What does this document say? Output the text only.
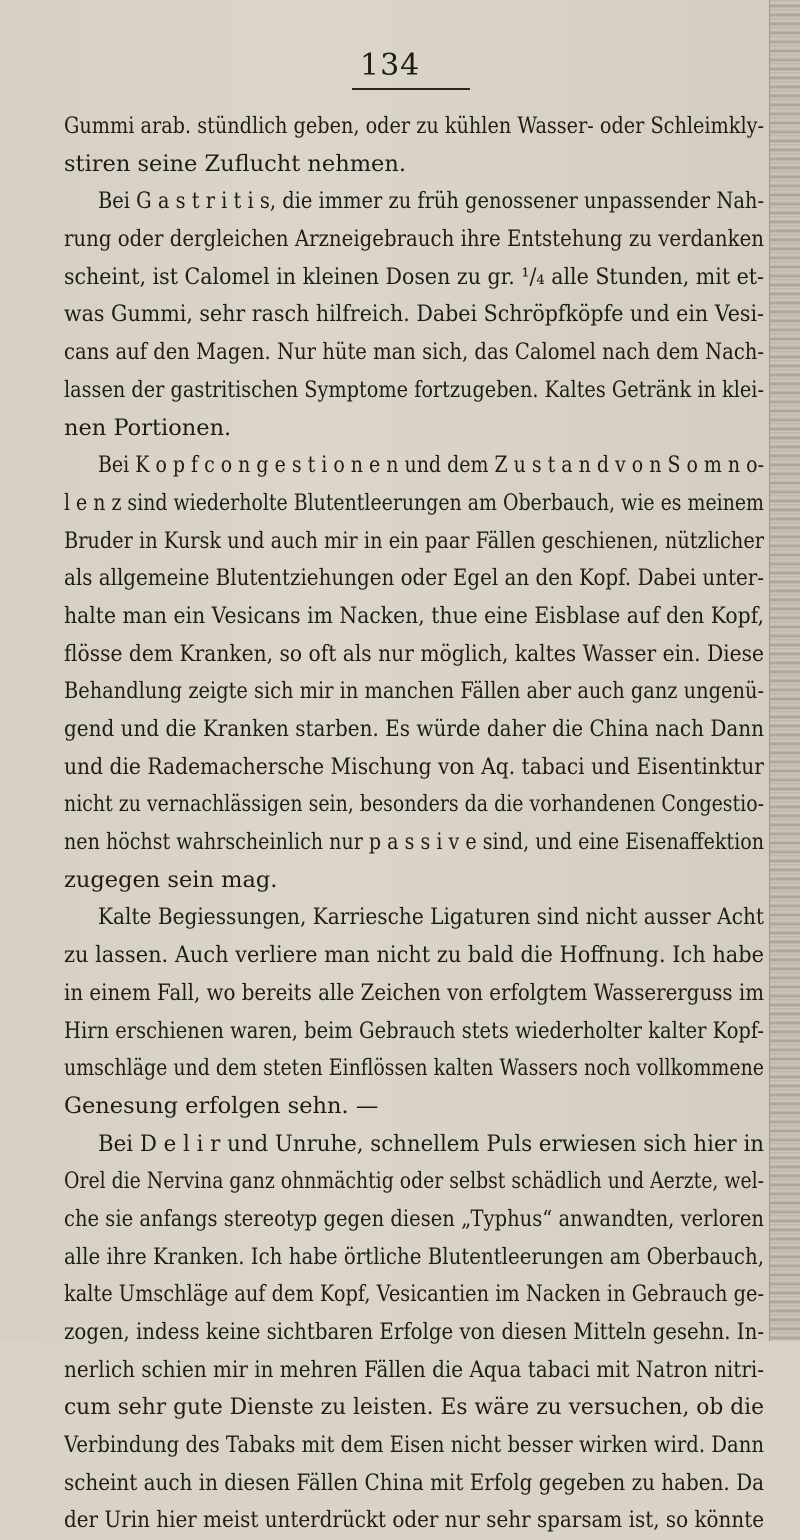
134
Gummi arab. stündlich geben, oder zu kühlen Wasser- oder Schleimkly-
stiren seine Zuflucht nehmen.
Bei G a s t r i t i s, die immer zu früh genossener unpassender Nah-
rung oder dergleichen Arzneigebrauch ihre Entstehung zu verdanken
scheint, ist Calomel in kleinen Dosen zu gr. ¹/₄ alle Stunden, mit et-
was Gummi, sehr rasch hilfreich. Dabei Schröpfköpfe und ein Vesi-
cans auf den Magen. Nur hüte man sich, das Calomel nach dem Nach-
lassen der gastritischen Symptome fortzugeben. Kaltes Getränk in klei-
nen Portionen.
Bei K o p f c o n g e s t i o n e n und dem Z u s t a n d v o n S o m n o-
l e n z sind wiederholte Blutentleerungen am Oberbauch, wie es meinem
Bruder in Kursk und auch mir in ein paar Fällen geschienen, nützlicher
als allgemeine Blutentziehungen oder Egel an den Kopf. Dabei unter-
halte man ein Vesicans im Nacken, thue eine Eisblase auf den Kopf,
flösse dem Kranken, so oft als nur möglich, kaltes Wasser ein. Diese
Behandlung zeigte sich mir in manchen Fällen aber auch ganz ungenü-
gend und die Kranken starben. Es würde daher die China nach Dann
und die Rademachersche Mischung von Aq. tabaci und Eisentinktur
nicht zu vernachlässigen sein, besonders da die vorhandenen Congestio-
nen höchst wahrscheinlich nur p a s s i v e sind, und eine Eisenaffektion
zugegen sein mag.
Kalte Begiessungen, Karriesche Ligaturen sind nicht ausser Acht
zu lassen. Auch verliere man nicht zu bald die Hoffnung. Ich habe
in einem Fall, wo bereits alle Zeichen von erfolgtem Wassererguss im
Hirn erschienen waren, beim Gebrauch stets wiederholter kalter Kopf-
umschläge und dem steten Einflössen kalten Wassers noch vollkommene
Genesung erfolgen sehn. —
Bei D e l i r und Unruhe, schnellem Puls erwiesen sich hier in
Orel die Nervina ganz ohnmächtig oder selbst schädlich und Aerzte, wel-
che sie anfangs stereotyp gegen diesen „Typhus“ anwandten, verloren
alle ihre Kranken. Ich habe örtliche Blutentleerungen am Oberbauch,
kalte Umschläge auf dem Kopf, Vesicantien im Nacken in Gebrauch ge-
zogen, indess keine sichtbaren Erfolge von diesen Mitteln gesehn. In-
nerlich schien mir in mehren Fällen die Aqua tabaci mit Natron nitri-
cum sehr gute Dienste zu leisten. Es wäre zu versuchen, ob die
Verbindung des Tabaks mit dem Eisen nicht besser wirken wird. Dann
scheint auch in diesen Fällen China mit Erfolg gegeben zu haben. Da
der Urin hier meist unterdrückt oder nur sehr sparsam ist, so könnte
